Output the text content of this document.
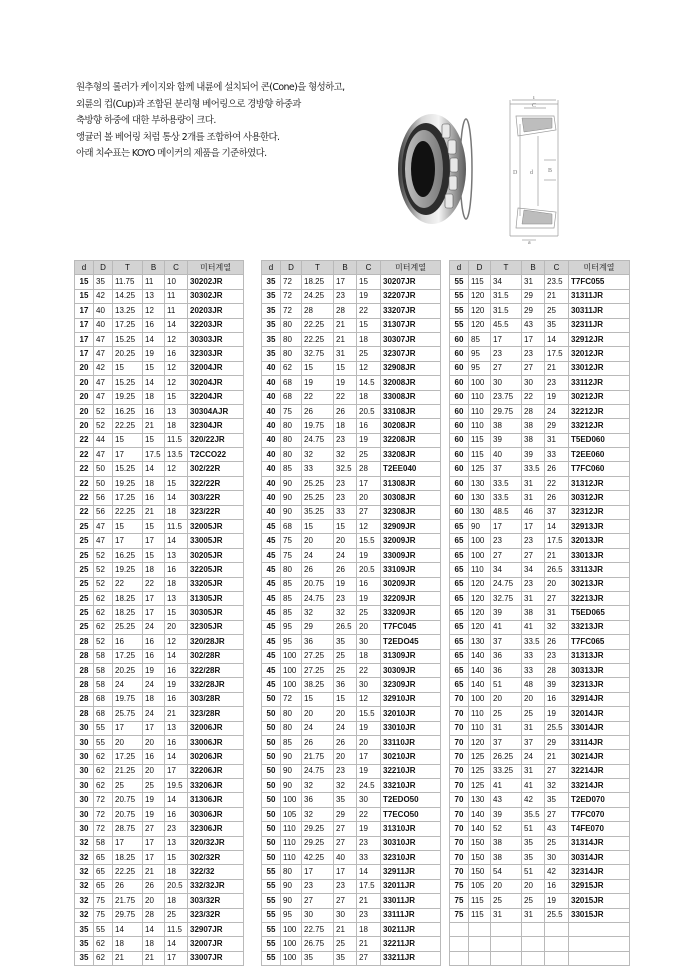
원추형의 롤러가 케이지와 함께 내륜에 설치되어 콘(Cone)을 형성하고,
외륜의 컵(Cup)과 조합된 분리형 베어링으로 경방향 하중과
축방향 하중에 대한 부하용량이 크다.
앵귤러 볼 베어링 처럼 통상 2개를 조합하여 사용한다.
아래 치수표는 KOYO 메이커의 제품을 기준하였다.
T
C
B
D d
a
d	D	T	B	C	미터계열
15	35	11.75	11	10	30202JR
15	42	14.25	13	11	30302JR
17	40	13.25	12	11	20203JR
17	40	17.25	16	14	32203JR
17	47	15.25	14	12	30303JR
17	47	20.25	19	16	32303JR
20	42	15	15	12	32004JR
20	47	15.25	14	12	30204JR
20	47	19.25	18	15	32204JR
20	52	16.25	16	13	30304AJR
20	52	22.25	21	18	32304JR
22	44	15	15	11.5	320/22JR
22	47	17	17.5	13.5	T2CCO22
22	50	15.25	14	12	302/22R
22	50	19.25	18	15	322/22R
22	56	17.25	16	14	303/22R
22	56	22.25	21	18	323/22R
25	47	15	15	11.5	32005JR
25	47	17	17	14	33005JR
25	52	16.25	15	13	30205JR
25	52	19.25	18	16	32205JR
25	52	22	22	18	33205JR
25	62	18.25	17	13	31305JR
25	62	18.25	17	15	30305JR
25	62	25.25	24	20	32305JR
28	52	16	16	12	320/28JR
28	58	17.25	16	14	302/28R
28	58	20.25	19	16	322/28R
28	58	24	24	19	332/28JR
28	68	19.75	18	16	303/28R
28	68	25.75	24	21	323/28R
30	55	17	17	13	32006JR
30	55	20	20	16	33006JR
30	62	17.25	16	14	30206JR
30	62	21.25	20	17	32206JR
30	62	25	25	19.5	33206JR
30	72	20.75	19	14	31306JR
30	72	20.75	19	16	30306JR
30	72	28.75	27	23	32306JR
32	58	17	17	13	320/32JR
32	65	18.25	17	15	302/32R
32	65	22.25	21	18	322/32
32	65	26	26	20.5	332/32JR
32	75	21.75	20	18	303/32R
32	75	29.75	28	25	323/32R
35	55	14	14	11.5	32907JR
35	62	18	18	14	32007JR
35	62	21	21	17	33007JR
d	D	T	B	C	미터계열
35	72	18.25	17	15	30207JR
35	72	24.25	23	19	32207JR
35	72	28	28	22	33207JR
35	80	22.25	21	15	31307JR
35	80	22.25	21	18	30307JR
35	80	32.75	31	25	32307JR
40	62	15	15	12	32908JR
40	68	19	19	14.5	32008JR
40	68	22	22	18	33008JR
40	75	26	26	20.5	33108JR
40	80	19.75	18	16	30208JR
40	80	24.75	23	19	32208JR
40	80	32	32	25	33208JR
40	85	33	32.5	28	T2EE040
40	90	25.25	23	17	31308JR
40	90	25.25	23	20	30308JR
40	90	35.25	33	27	32308JR
45	68	15	15	12	32909JR
45	75	20	20	15.5	32009JR
45	75	24	24	19	33009JR
45	80	26	26	20.5	33109JR
45	85	20.75	19	16	30209JR
45	85	24.75	23	19	32209JR
45	85	32	32	25	33209JR
45	95	29	26.5	20	T7FC045
45	95	36	35	30	T2EDO45
45	100	27.25	25	18	31309JR
45	100	27.25	25	22	30309JR
45	100	38.25	36	30	32309JR
50	72	15	15	12	32910JR
50	80	20	20	15.5	32010JR
50	80	24	24	19	33010JR
50	85	26	26	20	33110JR
50	90	21.75	20	17	30210JR
50	90	24.75	23	19	32210JR
50	90	32	32	24.5	33210JR
50	100	36	35	30	T2EDO50
50	105	32	29	22	T7ECO50
50	110	29.25	27	19	31310JR
50	110	29.25	27	23	30310JR
50	110	42.25	40	33	32310JR
55	80	17	17	14	32911JR
55	90	23	23	17.5	32011JR
55	90	27	27	21	33011JR
55	95	30	30	23	33111JR
55	100	22.75	21	18	30211JR
55	100	26.75	25	21	32211JR
55	100	35	35	27	33211JR
d	D	T	B	C	미터계열
55	115	34	31	23.5	T7FC055
55	120	31.5	29	21	31311JR
55	120	31.5	29	25	30311JR
55	120	45.5	43	35	32311JR
60	85	17	17	14	32912JR
60	95	23	23	17.5	32012JR
60	95	27	27	21	33012JR
60	100	30	30	23	33112JR
60	110	23.75	22	19	30212JR
60	110	29.75	28	24	32212JR
60	110	38	38	29	33212JR
60	115	39	38	31	T5ED060
60	115	40	39	33	T2EE060
60	125	37	33.5	26	T7FC060
60	130	33.5	31	22	31312JR
60	130	33.5	31	26	30312JR
60	130	48.5	46	37	32312JR
65	90	17	17	14	32913JR
65	100	23	23	17.5	32013JR
65	100	27	27	21	33013JR
65	110	34	34	26.5	33113JR
65	120	24.75	23	20	30213JR
65	120	32.75	31	27	32213JR
65	120	39	38	31	T5ED065
65	120	41	41	32	33213JR
65	130	37	33.5	26	T7FC065
65	140	36	33	23	31313JR
65	140	36	33	28	30313JR
65	140	51	48	39	32313JR
70	100	20	20	16	32914JR
70	110	25	25	19	32014JR
70	110	31	31	25.5	33014JR
70	120	37	37	29	33114JR
70	125	26.25	24	21	30214JR
70	125	33.25	31	27	32214JR
70	125	41	41	32	33214JR
70	130	43	42	35	T2ED070
70	140	39	35.5	27	T7FC070
70	140	52	51	43	T4FE070
70	150	38	35	25	31314JR
70	150	38	35	30	30314JR
70	150	54	51	42	32314JR
75	105	20	20	16	32915JR
75	115	25	25	19	32015JR
75	115	31	31	25.5	33015JR
